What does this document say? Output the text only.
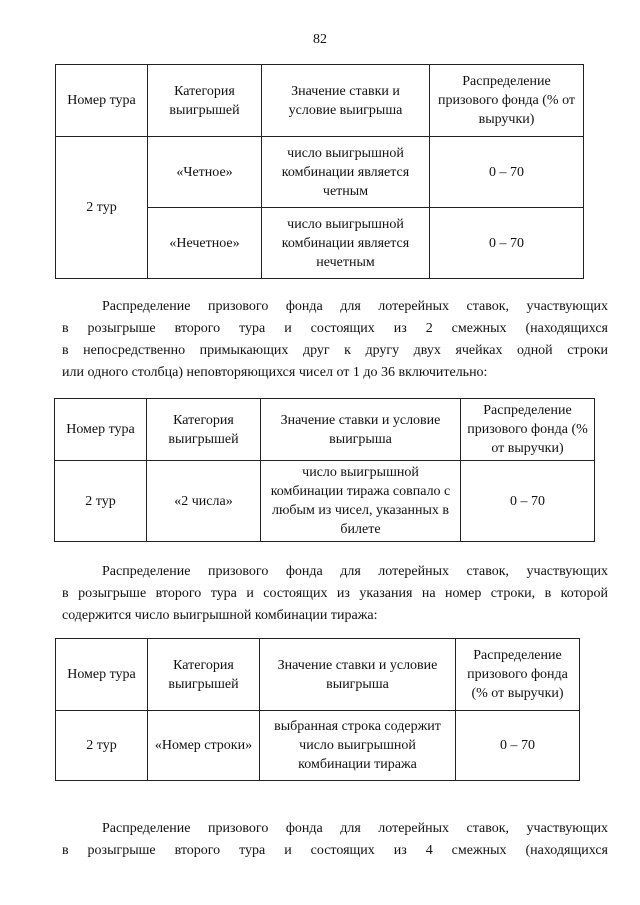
82
Номер тура	Категория выигрышей	Значение ставки и условие выигрыша	Распределение призового фонда (% от выручки)
2 тур	«Четное»	число выигрышной комбинации является четным	0 – 70
	«Нечетное»	число выигрышной комбинации является нечетным	0 – 70

Распределение призового фонда для лотерейных ставок, участвующих
в розыгрыше второго тура и состоящих из 2 смежных (находящихся
в непосредственно примыкающих друг к другу двух ячейках одной строки
или одного столбца) неповторяющихся чисел от 1 до 36 включительно:

Номер тура	Категория выигрышей	Значение ставки и условие выигрыша	Распределение призового фонда (% от выручки)
2 тур	«2 числа»	число выигрышной комбинации тиража совпало с любым из чисел, указанных в билете	0 – 70

Распределение призового фонда для лотерейных ставок, участвующих
в розыгрыше второго тура и состоящих из указания на номер строки, в которой
содержится число выигрышной комбинации тиража:

Номер тура	Категория выигрышей	Значение ставки и условие выигрыша	Распределение призового фонда (% от выручки)
2 тур	«Номер строки»	выбранная строка содержит число выигрышной комбинации тиража	0 – 70

Распределение призового фонда для лотерейных ставок, участвующих
в розыгрыше второго тура и состоящих из 4 смежных (находящихся
